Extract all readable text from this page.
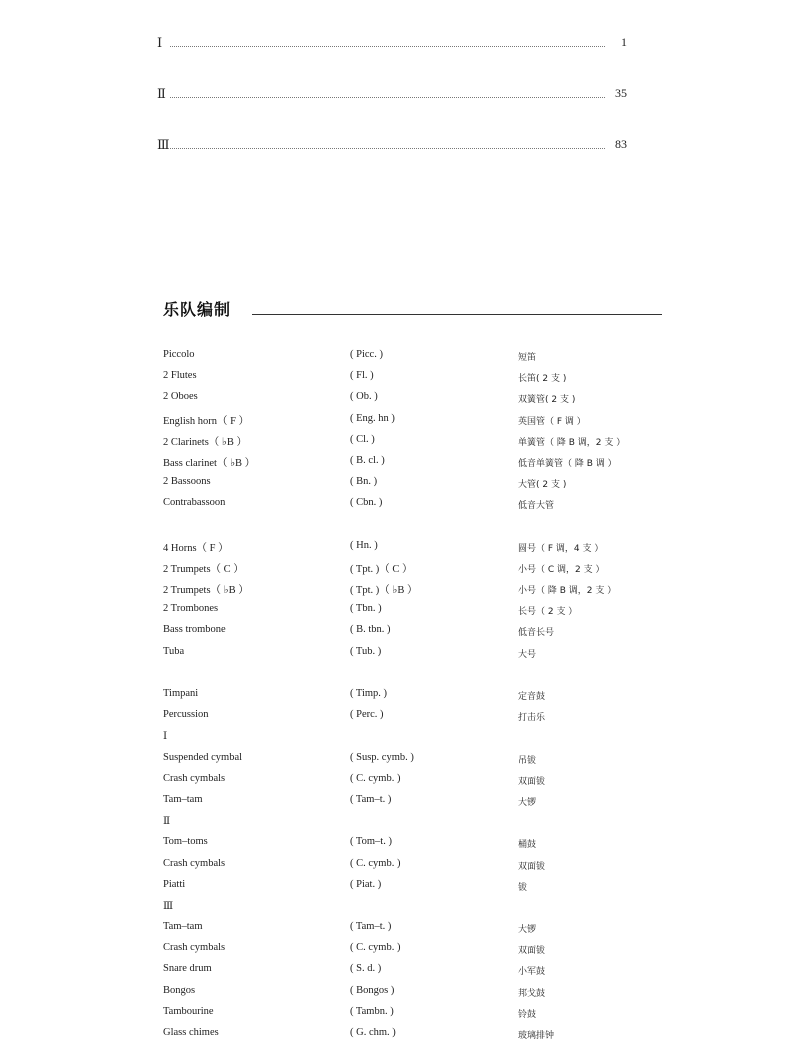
Ⅰ	1
Ⅱ	35
Ⅲ	83
乐队编制
Piccolo	( Picc. )	短笛
2 Flutes	( Fl. )	长笛( 2 支 )
2 Oboes	( Ob. )	双簧管( 2 支 )
English horn（ F ）	( Eng. hn )	英国管（ F 调 ）
2 Clarinets（ ♭B ）	( Cl. )	单簧管（ 降 B 调，2 支 ）
Bass clarinet（ ♭B ）	( B. cl. )	低音单簧管（ 降 B 调 ）
2 Bassoons	( Bn. )	大管( 2 支 )
Contrabassoon	( Cbn. )	低音大管
4 Horns（ F ）	( Hn. )	圆号（ F 调，4 支 ）
2 Trumpets（ C ）	( Tpt. )（ C ）	小号（ C 调，2 支 ）
2 Trumpets（ ♭B ）	( Tpt. )（ ♭B ）	小号（ 降 B 调，2 支 ）
2 Trombones	( Tbn. )	长号（ 2 支 ）
Bass trombone	( B. tbn. )	低音长号
Tuba	( Tub. )	大号
Timpani	( Timp. )	定音鼓
Percussion	( Perc. )	打击乐
Ⅰ
Suspended cymbal	( Susp. cymb. )	吊钹
Crash cymbals	( C. cymb. )	双面钹
Tam–tam	( Tam–t. )	大锣
Ⅱ
Tom–toms	( Tom–t. )	桶鼓
Crash cymbals	( C. cymb. )	双面钹
Piatti	( Piat. )	钹
Ⅲ
Tam–tam	( Tam–t. )	大锣
Crash cymbals	( C. cymb. )	双面钹
Snare drum	( S. d. )	小军鼓
Bongos	( Bongos )	邦戈鼓
Tambourine	( Tambn. )	铃鼓
Glass chimes	( G. chm. )	玻璃排钟
